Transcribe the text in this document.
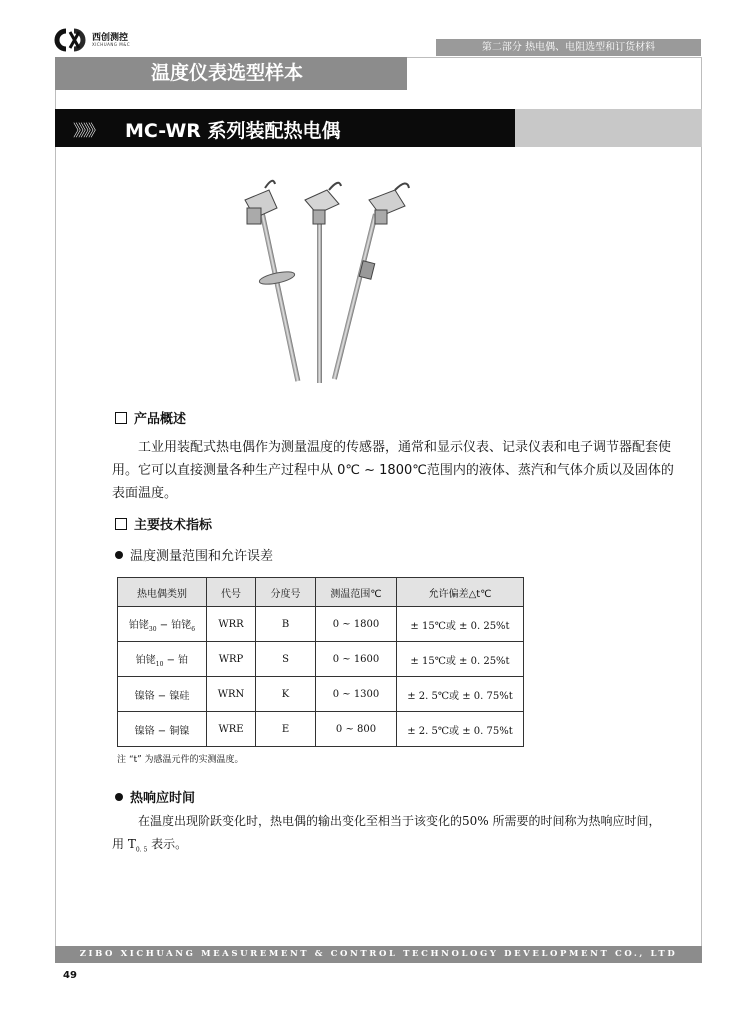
西创测控
XICHUANG M&C	第二部分 热电偶、电阻选型和订货材料
温度仪表选型样本
》》》》 MC-WR 系列装配热电偶
产品概述
工业用装配式热电偶作为测量温度的传感器，通常和显示仪表、记录仪表和电子调节器配套使用。它可以直接测量各种生产过程中从 0℃ ~ 1800℃范围内的液体、蒸汽和气体介质以及固体的表面温度。
主要技术指标
温度测量范围和允许误差
热电偶类别	代号	分度号	测温范围℃	允许偏差△t℃
铂铑$_{30}$ − 铂铑$_6$	WRR	B	0 ~ 1800	± 15℃或 ± 0. 25%t
铂铑$_{10}$ − 铂	WRP	S	0 ~ 1600	± 15℃或 ± 0. 25%t
镍铬 − 镍硅	WRN	K	0 ~ 1300	± 2. 5℃或 ± 0. 75%t
镍铬 − 铜镍	WRE	E	0 ~ 800	± 2. 5℃或 ± 0. 75%t
注 “t” 为感温元件的实测温度。
热响应时间
在温度出现阶跃变化时，热电偶的输出变化至相当于该变化的50% 所需要的时间称为热响应时间，用 $T_{0. 5}$ 表示。
ZIBO XICHUANG MEASUREMENT & CONTROL TECHNOLOGY DEVELOPMENT CO., LTD
49
